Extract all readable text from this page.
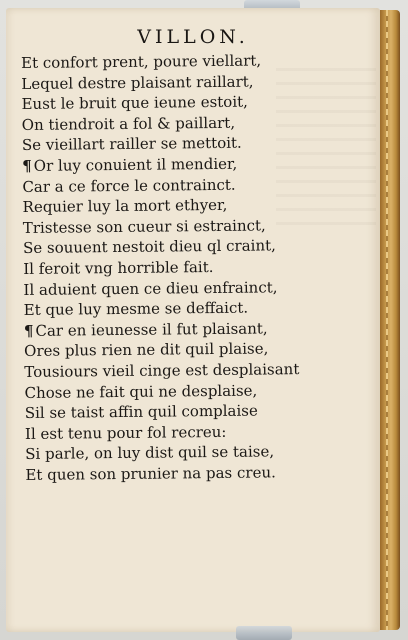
VILLON.
Et confort prent, poure viellart,
Lequel destre plaisant raillart,
Eust le bruit que ieune estoit,
On tiendroit a fol & paillart,
Se vieillart railler se mettoit.
¶ Or luy conuient il mendier,
Car a ce force le contrainct.
Requier luy la mort ethyer,
Tristesse son cueur si estrainct,
Se souuent nestoit dieu ql craint,
Il feroit vng horrible fait.
Il aduient quen ce dieu enfrainct,
Et que luy mesme se deffaict.
¶ Car en ieunesse il fut plaisant,
Ores plus rien ne dit quil plaise,
Tousiours vieil cinge est desplaisant
Chose ne fait qui ne desplaise,
Sil se taist affin quil complaise
Il est tenu pour fol recreu:
Si parle, on luy dist quil se taise,
Et quen son prunier na pas creu.
